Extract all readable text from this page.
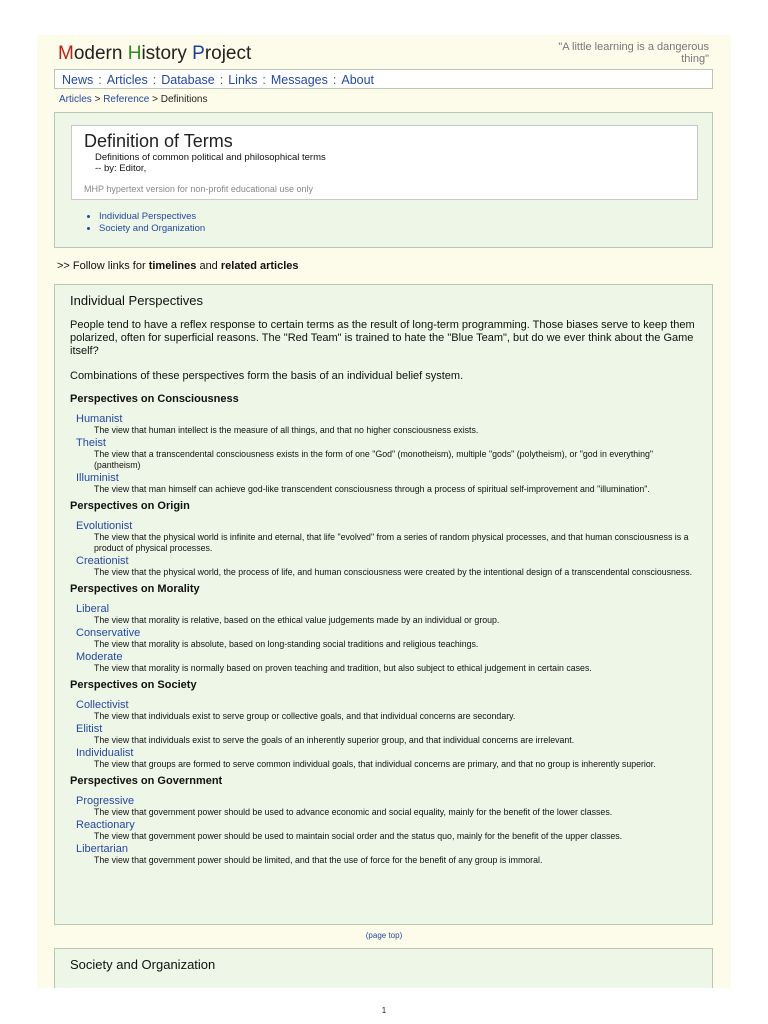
Modern History Project	"A little learning is a dangerous thing"
News : Articles : Database : Links : Messages : About
Articles > Reference > Definitions
Definition of Terms
Definitions of common political and philosophical terms
-- by: Editor,
MHP hypertext version for non-profit educational use only
• Individual Perspectives
• Society and Organization
>> Follow links for timelines and related articles
Individual Perspectives
People tend to have a reflex response to certain terms as the result of long-term programming. Those biases serve to keep them polarized, often for superficial reasons. The "Red Team" is trained to hate the "Blue Team", but do we ever think about the Game itself?
Combinations of these perspectives form the basis of an individual belief system.
Perspectives on Consciousness
Humanist
The view that human intellect is the measure of all things, and that no higher consciousness exists.
Theist
The view that a transcendental consciousness exists in the form of one "God" (monotheism), multiple "gods" (polytheism), or "god in everything" (pantheism)
Illuminist
The view that man himself can achieve god-like transcendent consciousness through a process of spiritual self-improvement and "illumination".
Perspectives on Origin
Evolutionist
The view that the physical world is infinite and eternal, that life "evolved" from a series of random physical processes, and that human consciousness is a product of physical processes.
Creationist
The view that the physical world, the process of life, and human consciousness were created by the intentional design of a transcendental consciousness.
Perspectives on Morality
Liberal
The view that morality is relative, based on the ethical value judgements made by an individual or group.
Conservative
The view that morality is absolute, based on long-standing social traditions and religious teachings.
Moderate
The view that morality is normally based on proven teaching and tradition, but also subject to ethical judgement in certain cases.
Perspectives on Society
Collectivist
The view that individuals exist to serve group or collective goals, and that individual concerns are secondary.
Elitist
The view that individuals exist to serve the goals of an inherently superior group, and that individual concerns are irrelevant.
Individualist
The view that groups are formed to serve common individual goals, that individual concerns are primary, and that no group is inherently superior.
Perspectives on Government
Progressive
The view that government power should be used to advance economic and social equality, mainly for the benefit of the lower classes.
Reactionary
The view that government power should be used to maintain social order and the status quo, mainly for the benefit of the upper classes.
Libertarian
The view that government power should be limited, and that the use of force for the benefit of any group is immoral.
(page top)
Society and Organization
1
